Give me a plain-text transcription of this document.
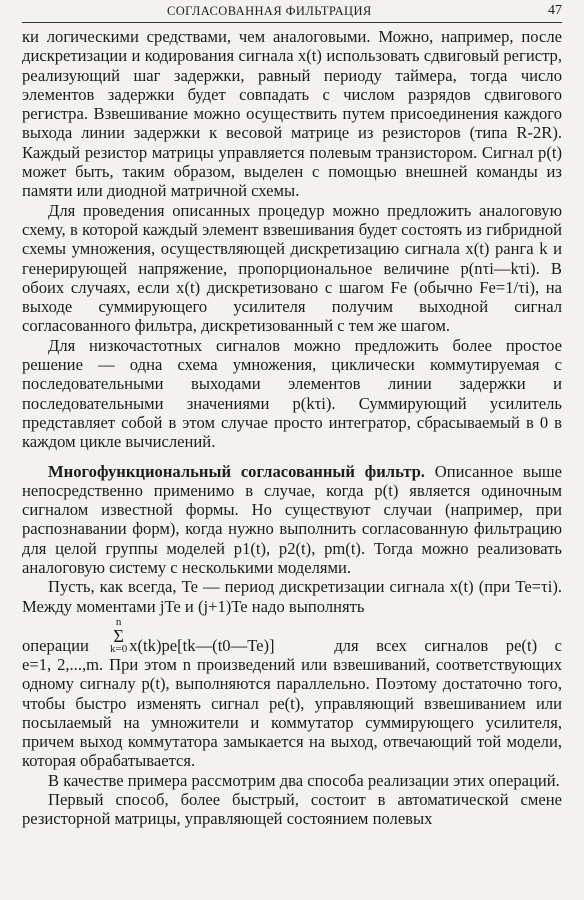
СОГЛАСОВАННАЯ ФИЛЬТРАЦИЯ	47

ки логическими средствами, чем аналоговыми. Можно, например, после дискретизации и кодирования сигнала x(t) использовать сдвиговый регистр, реализующий шаг задержки, равный периоду таймера, тогда число элементов задержки будет совпадать с числом разрядов сдвигового регистра. Взвешивание можно осуществить путем присоединения каждого выхода линии задержки к весовой матрице из резисторов (типа R-2R). Каждый резистор матрицы управляется полевым транзистором. Сигнал p(t) может быть, таким образом, выделен с помощью внешней команды из памяти или диодной матричной схемы.

Для проведения описанных процедур можно предложить аналоговую схему, в которой каждый элемент взвешивания будет состоять из гибридной схемы умножения, осуществляющей дискретизацию сигнала x(t) ранга k и генерирующей напряжение, пропорциональное величине p(nτi—kτi). В обоих случаях, если x(t) дискретизовано с шагом Fe (обычно Fe=1/τi), на выходе суммирующего усилителя получим выходной сигнал согласованного фильтра, дискретизованный с тем же шагом.

Для низкочастотных сигналов можно предложить более простое решение — одна схема умножения, циклически коммутируемая с последовательными выходами элементов линии задержки и последовательными значениями p(kτi). Суммирующий усилитель представляет собой в этом случае просто интегратор, сбрасываемый в 0 в каждом цикле вычислений.

Многофункциональный согласованный фильтр. Описанное выше непосредственно применимо в случае, когда p(t) является одиночным сигналом известной формы. Но существуют случаи (например, при распознавании форм), когда нужно выполнить согласованную фильтрацию для целой группы моделей p1(t), p2(t), pm(t). Тогда можно реализовать аналоговую систему с несколькими моделями.

Пусть, как всегда, Te — период дискретизации сигнала x(t) (при Te=τi). Между моментами jTe и (j+1)Te надо выполнять

операции
n
Σ
k=0 x(tk)pe[tk—(t0—Te)]	для всех сигналов pe(t) с

e=1, 2,...,m. При этом n произведений или взвешиваний, соответствующих одному сигналу p(t), выполняются параллельно. Поэтому достаточно того, чтобы быстро изменять сигнал pe(t), управляющий взвешиванием или посылаемый на умножители и коммутатор суммирующего усилителя, причем выход коммутатора замыкается на выход, отвечающий той модели, которая обрабатывается.

В качестве примера рассмотрим два способа реализации этих операций.

Первый способ, более быстрый, состоит в автоматической смене резисторной матрицы, управляющей состоянием полевых
